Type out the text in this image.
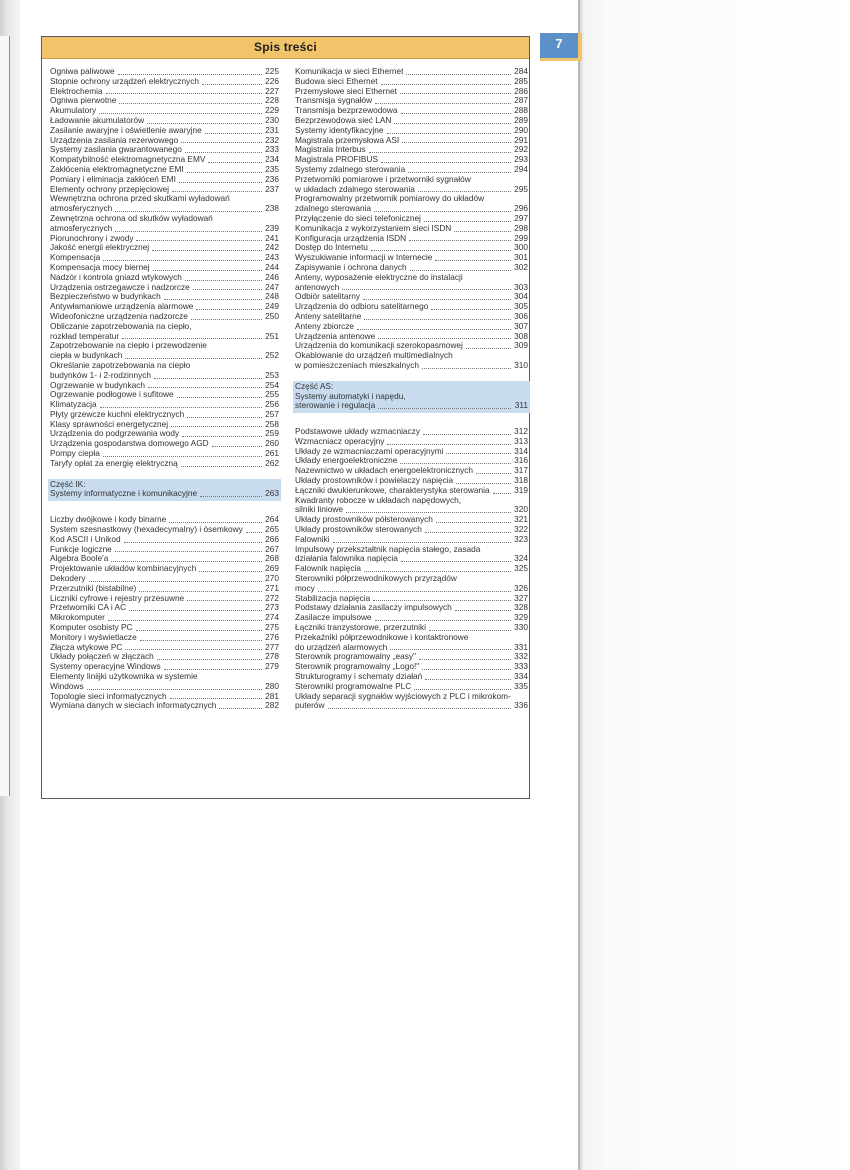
7
Spis treści
Ogniwa paliwowe	225
Stopnie ochrony urządzeń elektrycznych	226
Elektrochemia	227
Ogniwa pierwotne	228
Akumulatory	229
Ładowanie akumulatorów	230
Zasilanie awaryjne i oświetlenie awaryjne	231
Urządzenia zasilania rezerwowego	232
Systemy zasilania gwarantowanego	233
Kompatybilność elektromagnetyczna EMV	234
Zakłócenia elektromagnetyczne EMI	235
Pomiary i eliminacja zakłóceń EMI	236
Elementy ochrony przepięciowej	237
Wewnętrzna ochrona przed skutkami wyładowań
atmosferycznych	238
Zewnętrzna ochrona od skutków wyładowań
atmosferycznych	239
Piorunochrony i zwody	241
Jakość energii elektrycznej	242
Kompensacja	243
Kompensacja mocy biernej	244
Nadzór i kontrola gniazd wtykowych	246
Urządzenia ostrzegawcze i nadzorcze	247
Bezpieczeństwo w budynkach	248
Antywłamaniowe urządzenia alarmowe	249
Wideofoniczne urządzenia nadzorcze	250
Obliczanie zapotrzebowania na ciepło,
rozkład temperatur	251
Zapotrzebowanie na ciepło i przewodzenie
ciepła w budynkach	252
Określanie zapotrzebowania na ciepło
budynków 1- i 2-rodzinnych	253
Ogrzewanie w budynkach	254
Ogrzewanie podłogowe i sufitowe	255
Klimatyzacja	256
Płyty grzewcze kuchni elektrycznych	257
Klasy sprawności energetycznej	258
Urządzenia do podgrzewania wody	259
Urządzenia gospodarstwa domowego AGD	260
Pompy ciepła	261
Taryfy opłat za energię elektryczną	262
Część IK:
Systemy informatyczne i komunikacyjne	263
Liczby dwójkowe i kody binarne	264
System szesnastkowy (hexadecymalny) i ósemkowy	265
Kod ASCII i Unikod	266
Funkcje logiczne	267
Algebra Boole'a	268
Projektowanie układów kombinacyjnych	269
Dekodery	270
Przerzutniki (bistabilne)	271
Liczniki cyfrowe i rejestry przesuwne	272
Przetworniki CA i AC	273
Mikrokomputer	274
Komputer osobisty PC	275
Monitory i wyświetlacze	276
Złącza wtykowe PC	277
Układy połączeń w złączach	278
Systemy operacyjne Windows	279
Elementy liniijki użytkownika w systemie
Windows	280
Topologie sieci informatycznych	281
Wymiana danych w sieciach informatycznych	282
Komunikacja w sieci Ethernet	284
Budowa sieci Ethernet	285
Przemysłowe sieci Ethernet	286
Transmisja sygnałów	287
Transmisja bezprzewodowa	288
Bezprzewodowa sieć LAN	289
Systemy identyfikacyjne	290
Magistrala przemysłowa ASI	291
Magistrala Interbus	292
Magistrala PROFIBUS	293
Systemy zdalnego sterowania	294
Przetworniki pomiarowe i przetworniki sygnałów
w układach zdalnego sterowania	295
Programowalny przetwornik pomiarowy do układów
zdalnego sterowania	296
Przyłączenie do sieci telefonicznej	297
Komunikacja z wykorzystaniem sieci ISDN	298
Konfiguracja urządzenia ISDN	299
Dostęp do Internetu	300
Wyszukiwanie informacji w Internecie	301
Zapisywanie i ochrona danych	302
Anteny, wyposażenie elektryczne do instalacji
antenowych	303
Odbiór satelitarny	304
Urządzenia do odbioru satelitarnego	305
Anteny satelitarne	306
Anteny zbiorcze	307
Urządzenia antenowe	308
Urządzenia do komunikacji szerokopasmowej	309
Okablowanie do urządzeń multimedialnych
w pomieszczeniach mieszkalnych	310
Część AS:
Systemy automatyki i napędu,
sterowanie i regulacja	311
Podstawowe układy wzmacniaczy	312
Wzmacniacz operacyjny	313
Układy ze wzmacniaczami operacyjnymi	314
Układy energoelektroniczne	316
Nazewnictwo w układach energoelektronicznych	317
Układy prostowników i powielaczy napięcia	318
Łączniki dwukierunkowe, charakterystyka sterowania	319
Kwadranty robocze w układach napędowych,
silniki liniowe	320
Układy prostowników półsterowanych	321
Układy prostowników sterowanych	322
Falowniki	323
Impulsowy przekształtnik napięcia stałego, zasada
działania falownika napięcia	324
Falownik napięcia	325
Sterowniki półprzewodnikowych przyrządów
mocy	326
Stabilizacja napięcia	327
Podstawy działania zasilaczy impulsowych	328
Zasilacze impulsowe	329
Łączniki tranzystorowe, przerzutniki	330
Przekaźniki półprzewodnikowe i kontaktronowe
do urządzeń alarmowych	331
Sterownik programowalny „easy"	332
Sterownik programowalny „Logo!"	333
Strukturogramy i schematy działań	334
Sterowniki programowalne PLC	335
Układy separacji sygnałów wyjściowych z PLC i mikrokom-
puterów	336
